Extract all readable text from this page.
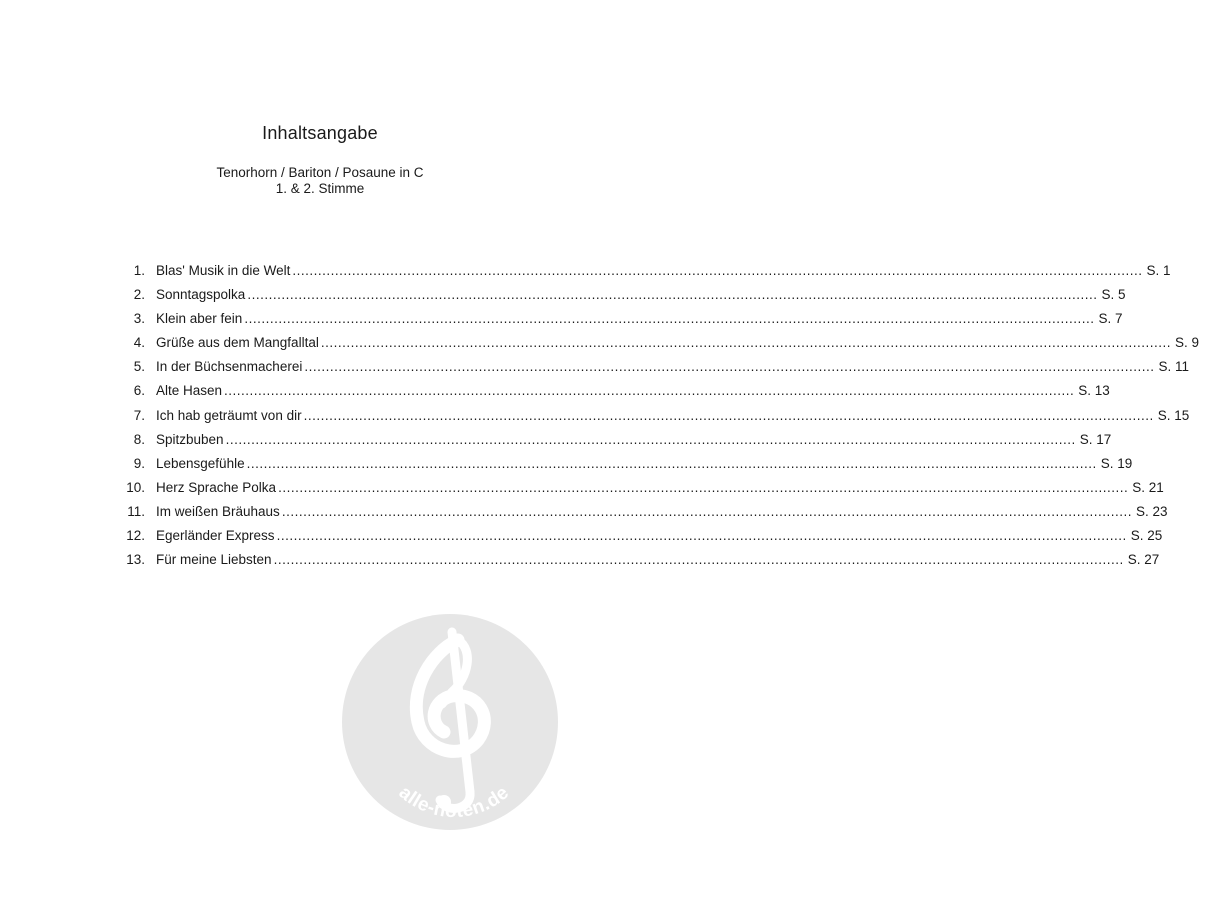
Inhaltsangabe
Tenorhorn / Bariton / Posaune in C
1. & 2. Stimme
1. Blas' Musik in die Welt ........................................................................................................................................................................................................ S. 1
2. Sonntagspolka ........................................................................................................................................................................................................ S. 5
3. Klein aber fein ........................................................................................................................................................................................................ S. 7
4. Grüße aus dem Mangfalltal ........................................................................................................................................................................................................ S. 9
5. In der Büchsenmacherei ........................................................................................................................................................................................................ S. 11
6. Alte Hasen ........................................................................................................................................................................................................ S. 13
7. Ich hab geträumt von dir ........................................................................................................................................................................................................ S. 15
8. Spitzbuben ........................................................................................................................................................................................................ S. 17
9. Lebensgefühle ........................................................................................................................................................................................................ S. 19
10. Herz Sprache Polka ........................................................................................................................................................................................................ S. 21
11. Im weißen Bräuhaus ........................................................................................................................................................................................................ S. 23
12. Egerländer Express ........................................................................................................................................................................................................ S. 25
13. Für meine Liebsten ........................................................................................................................................................................................................ S. 27
alle-noten.de
